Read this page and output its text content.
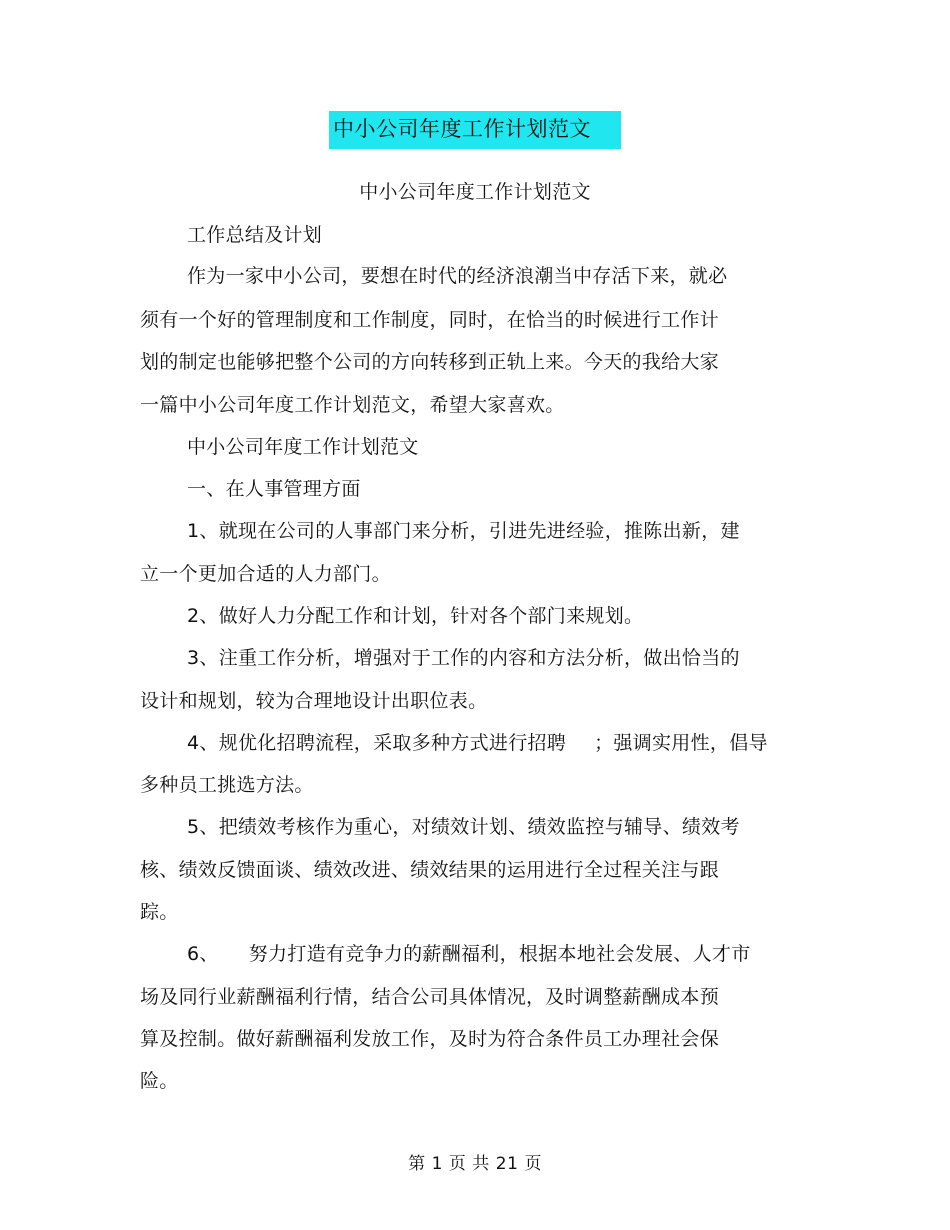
中小公司年度工作计划范文
中小公司年度工作计划范文
工作总结及计划
作为一家中小公司，要想在时代的经济浪潮当中存活下来，就必
须有一个好的管理制度和工作制度，同时，在恰当的时候进行工作计
划的制定也能够把整个公司的方向转移到正轨上来。今天的我给大家
一篇中小公司年度工作计划范文，希望大家喜欢。
中小公司年度工作计划范文
一、在人事管理方面
1、就现在公司的人事部门来分析，引进先进经验，推陈出新，建
立一个更加合适的人力部门。
2、做好人力分配工作和计划，针对各个部门来规划。
3、注重工作分析，增强对于工作的内容和方法分析，做出恰当的
设计和规划，较为合理地设计出职位表。
4、规优化招聘流程，采取多种方式进行招聘 ；强调实用性，倡导
多种员工挑选方法。
5、把绩效考核作为重心，对绩效计划、绩效监控与辅导、绩效考
核、绩效反馈面谈、绩效改进、绩效结果的运用进行全过程关注与跟
踪。
6、 努力打造有竞争力的薪酬福利，根据本地社会发展、人才市
场及同行业薪酬福利行情，结合公司具体情况，及时调整薪酬成本预
算及控制。做好薪酬福利发放工作，及时为符合条件员工办理社会保
险。
第 1 页 共 21 页
